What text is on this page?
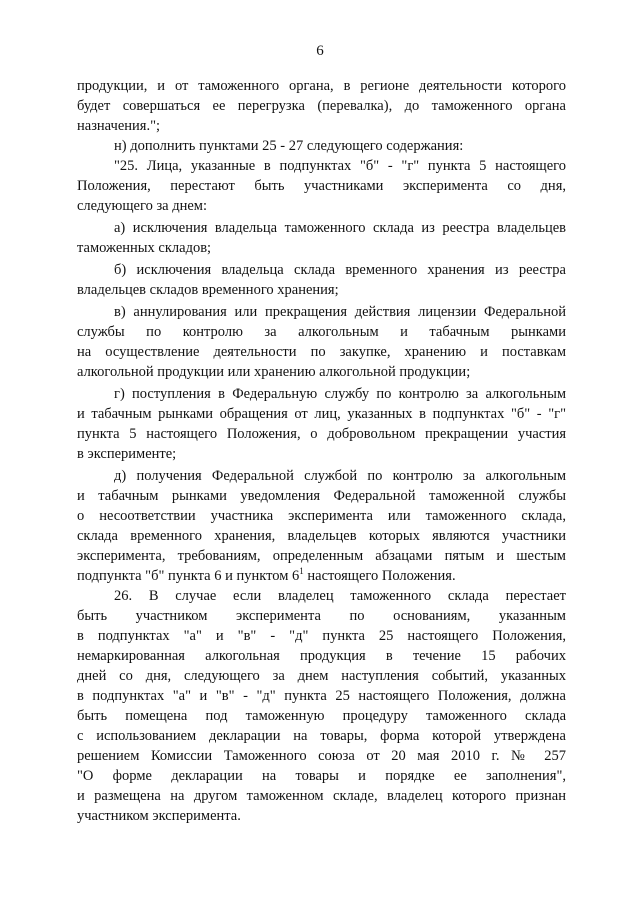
6

продукции, и от таможенного органа, в регионе деятельности которого
будет совершаться ее перегрузка (перевалка), до таможенного органа
назначения.";

н) дополнить пунктами 25 - 27 следующего содержания:

"25. Лица, указанные в подпунктах "б" - "г" пункта 5 настоящего
Положения, перестают быть участниками эксперимента со дня,
следующего за днем:

а) исключения владельца таможенного склада из реестра владельцев
таможенных складов;

б) исключения владельца склада временного хранения из реестра
владельцев складов временного хранения;

в) аннулирования или прекращения действия лицензии Федеральной
службы по контролю за алкогольным и табачным рынками
на осуществление деятельности по закупке, хранению и поставкам
алкогольной продукции или хранению алкогольной продукции;

г) поступления в Федеральную службу по контролю за алкогольным
и табачным рынками обращения от лиц, указанных в подпунктах "б" - "г"
пункта 5 настоящего Положения, о добровольном прекращении участия
в эксперименте;

д) получения Федеральной службой по контролю за алкогольным
и табачным рынками уведомления Федеральной таможенной службы
о несоответствии участника эксперимента или таможенного склада,
склада временного хранения, владельцев которых являются участники
эксперимента, требованиям, определенным абзацами пятым и шестым
подпункта "б" пункта 6 и пунктом $6^1$ настоящего Положения.

26. В случае если владелец таможенного склада перестает
быть участником эксперимента по основаниям, указанным
в подпунктах "а" и "в" - "д" пункта 25 настоящего Положения,
немаркированная алкогольная продукция в течение 15 рабочих
дней со дня, следующего за днем наступления событий, указанных
в подпунктах "а" и "в" - "д" пункта 25 настоящего Положения, должна
быть помещена под таможенную процедуру таможенного склада
с использованием декларации на товары, форма которой утверждена
решением Комиссии Таможенного союза от 20 мая 2010 г. № 257
"О форме декларации на товары и порядке ее заполнения",
и размещена на другом таможенном складе, владелец которого признан
участником эксперимента.
